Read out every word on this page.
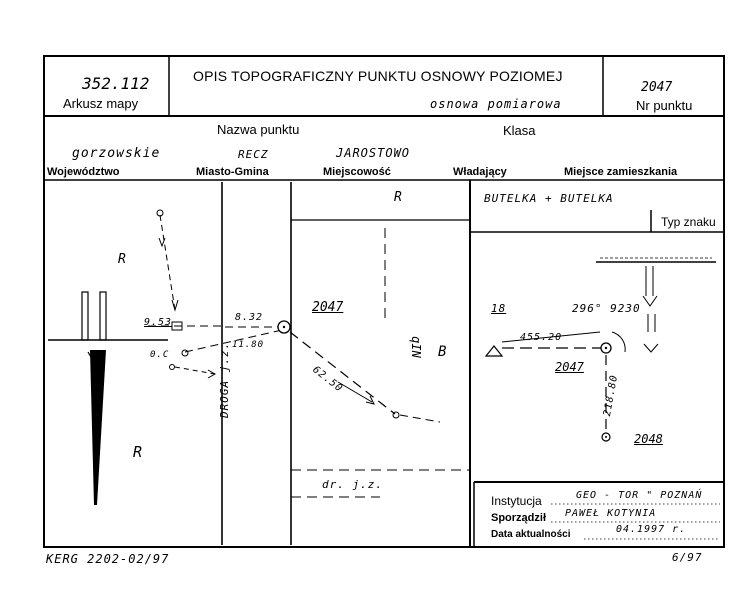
352.112
Arkusz mapy
OPIS TOPOGRAFICZNY PUNKTU OSNOWY POZIOMEJ
osnowa pomiarowa
2047
Nr punktu
Nazwa punktu	Klasa
gorzowskie	RECZ	JAROSTOWO
Województwo	Miasto-Gmina	Miejscowość	Władający	Miejsce zamieszkania
BUTELKA + BUTELKA
Typ znaku
R
R
R
B
9.53	8.32
11.80
0.C
2047
62.50
qIN
DROGA j.z.
dr. j.z.
18	296° 9230
455.20
2047
218.80
2048
Instytucja	GEO - TOR " POZNAŃ
Sporządził PAWEŁ KOTYNIA
Data aktualności	04.1997 r.
KERG 2202-02/97	6/97
